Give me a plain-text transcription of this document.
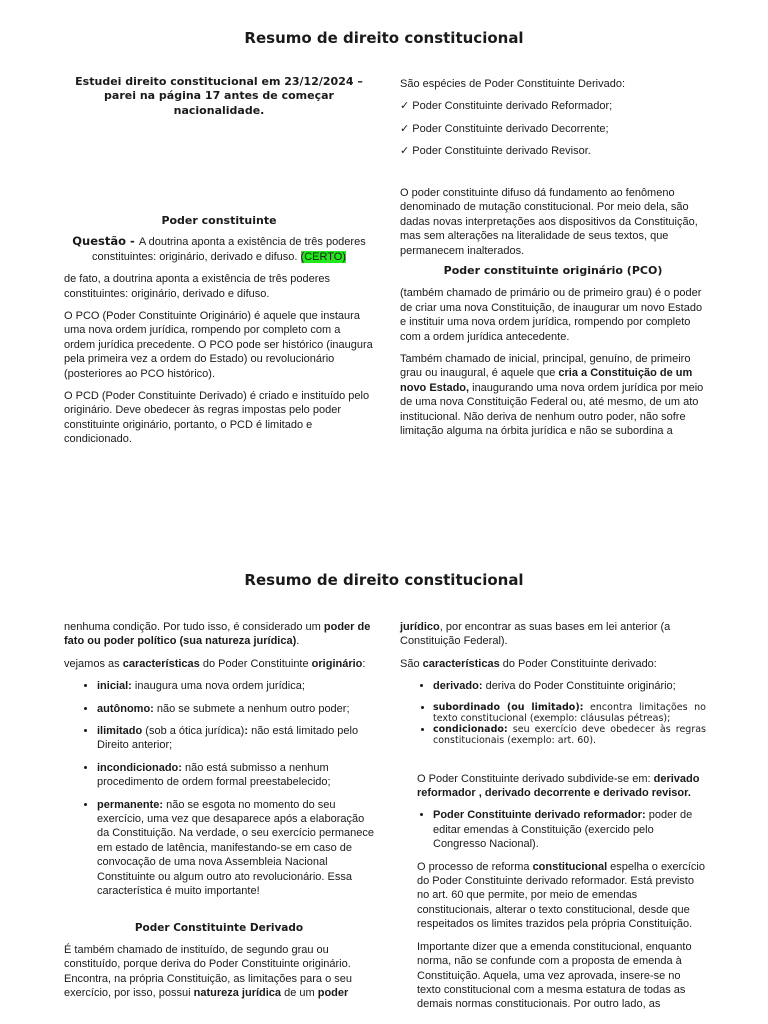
Resumo de direito constitucional

Estudei direito constitucional em 23/12/2024 – parei na página 17 antes de começar nacionalidade.

Poder constituinte

Questão - A doutrina aponta a existência de três poderes constituintes: originário, derivado e difuso. (CERTO)

de fato, a doutrina aponta a existência de três poderes constituintes: originário, derivado e difuso.

O PCO (Poder Constituinte Originário) é aquele que instaura uma nova ordem jurídica, rompendo por completo com a ordem jurídica precedente. O PCO pode ser histórico (inaugura pela primeira vez a ordem do Estado) ou revolucionário (posteriores ao PCO histórico).

O PCD (Poder Constituinte Derivado) é criado e instituído pelo originário. Deve obedecer às regras impostas pelo poder constituinte originário, portanto, o PCD é limitado e condicionado.

São espécies de Poder Constituinte Derivado:

✓ Poder Constituinte derivado Reformador;

✓ Poder Constituinte derivado Decorrente;

✓ Poder Constituinte derivado Revisor.

O poder constituinte difuso dá fundamento ao fenômeno denominado de mutação constitucional. Por meio dela, são dadas novas interpretações aos dispositivos da Constituição, mas sem alterações na literalidade de seus textos, que permanecem inalterados.

Poder constituinte originário (PCO)

(também chamado de primário ou de primeiro grau) é o poder de criar uma nova Constituição, de inaugurar um novo Estado e instituir uma nova ordem jurídica, rompendo por completo com a ordem jurídica antecedente.

Também chamado de inicial, principal, genuíno, de primeiro grau ou inaugural, é aquele que cria a Constituição de um novo Estado, inaugurando uma nova ordem jurídica por meio de uma nova Constituição Federal ou, até mesmo, de um ato institucional. Não deriva de nenhum outro poder, não sofre limitação alguma na órbita jurídica e não se subordina a

Resumo de direito constitucional

nenhuma condição. Por tudo isso, é considerado um poder de fato ou poder político (sua natureza jurídica).

vejamos as características do Poder Constituinte originário:

• inicial: inaugura uma nova ordem jurídica;
• autônomo: não se submete a nenhum outro poder;
• ilimitado (sob a ótica jurídica): não está limitado pelo Direito anterior;
• incondicionado: não está submisso a nenhum procedimento de ordem formal preestabelecido;
• permanente: não se esgota no momento do seu exercício, uma vez que desaparece após a elaboração da Constituição. Na verdade, o seu exercício permanece em estado de latência, manifestando-se em caso de convocação de uma nova Assembleia Nacional Constituinte ou algum outro ato revolucionário. Essa característica é muito importante!

Poder Constituinte Derivado

É também chamado de instituído, de segundo grau ou constituído, porque deriva do Poder Constituinte originário. Encontra, na própria Constituição, as limitações para o seu exercício, por isso, possui natureza jurídica de um poder

jurídico, por encontrar as suas bases em lei anterior (a Constituição Federal).

São características do Poder Constituinte derivado:

• derivado: deriva do Poder Constituinte originário;
• subordinado (ou limitado): encontra limitações no texto constitucional (exemplo: cláusulas pétreas);
• condicionado: seu exercício deve obedecer às regras constitucionais (exemplo: art. 60).

O Poder Constituinte derivado subdivide-se em: derivado reformador , derivado decorrente e derivado revisor.

• Poder Constituinte derivado reformador: poder de editar emendas à Constituição (exercido pelo Congresso Nacional).

O processo de reforma constitucional espelha o exercício do Poder Constituinte derivado reformador. Está previsto no art. 60 que permite, por meio de emendas constitucionais, alterar o texto constitucional, desde que respeitados os limites trazidos pela própria Constituição.

Importante dizer que a emenda constitucional, enquanto norma, não se confunde com a proposta de emenda à Constituição. Aquela, uma vez aprovada, insere-se no texto constitucional com a mesma estatura de todas as demais normas constitucionais. Por outro lado, as
